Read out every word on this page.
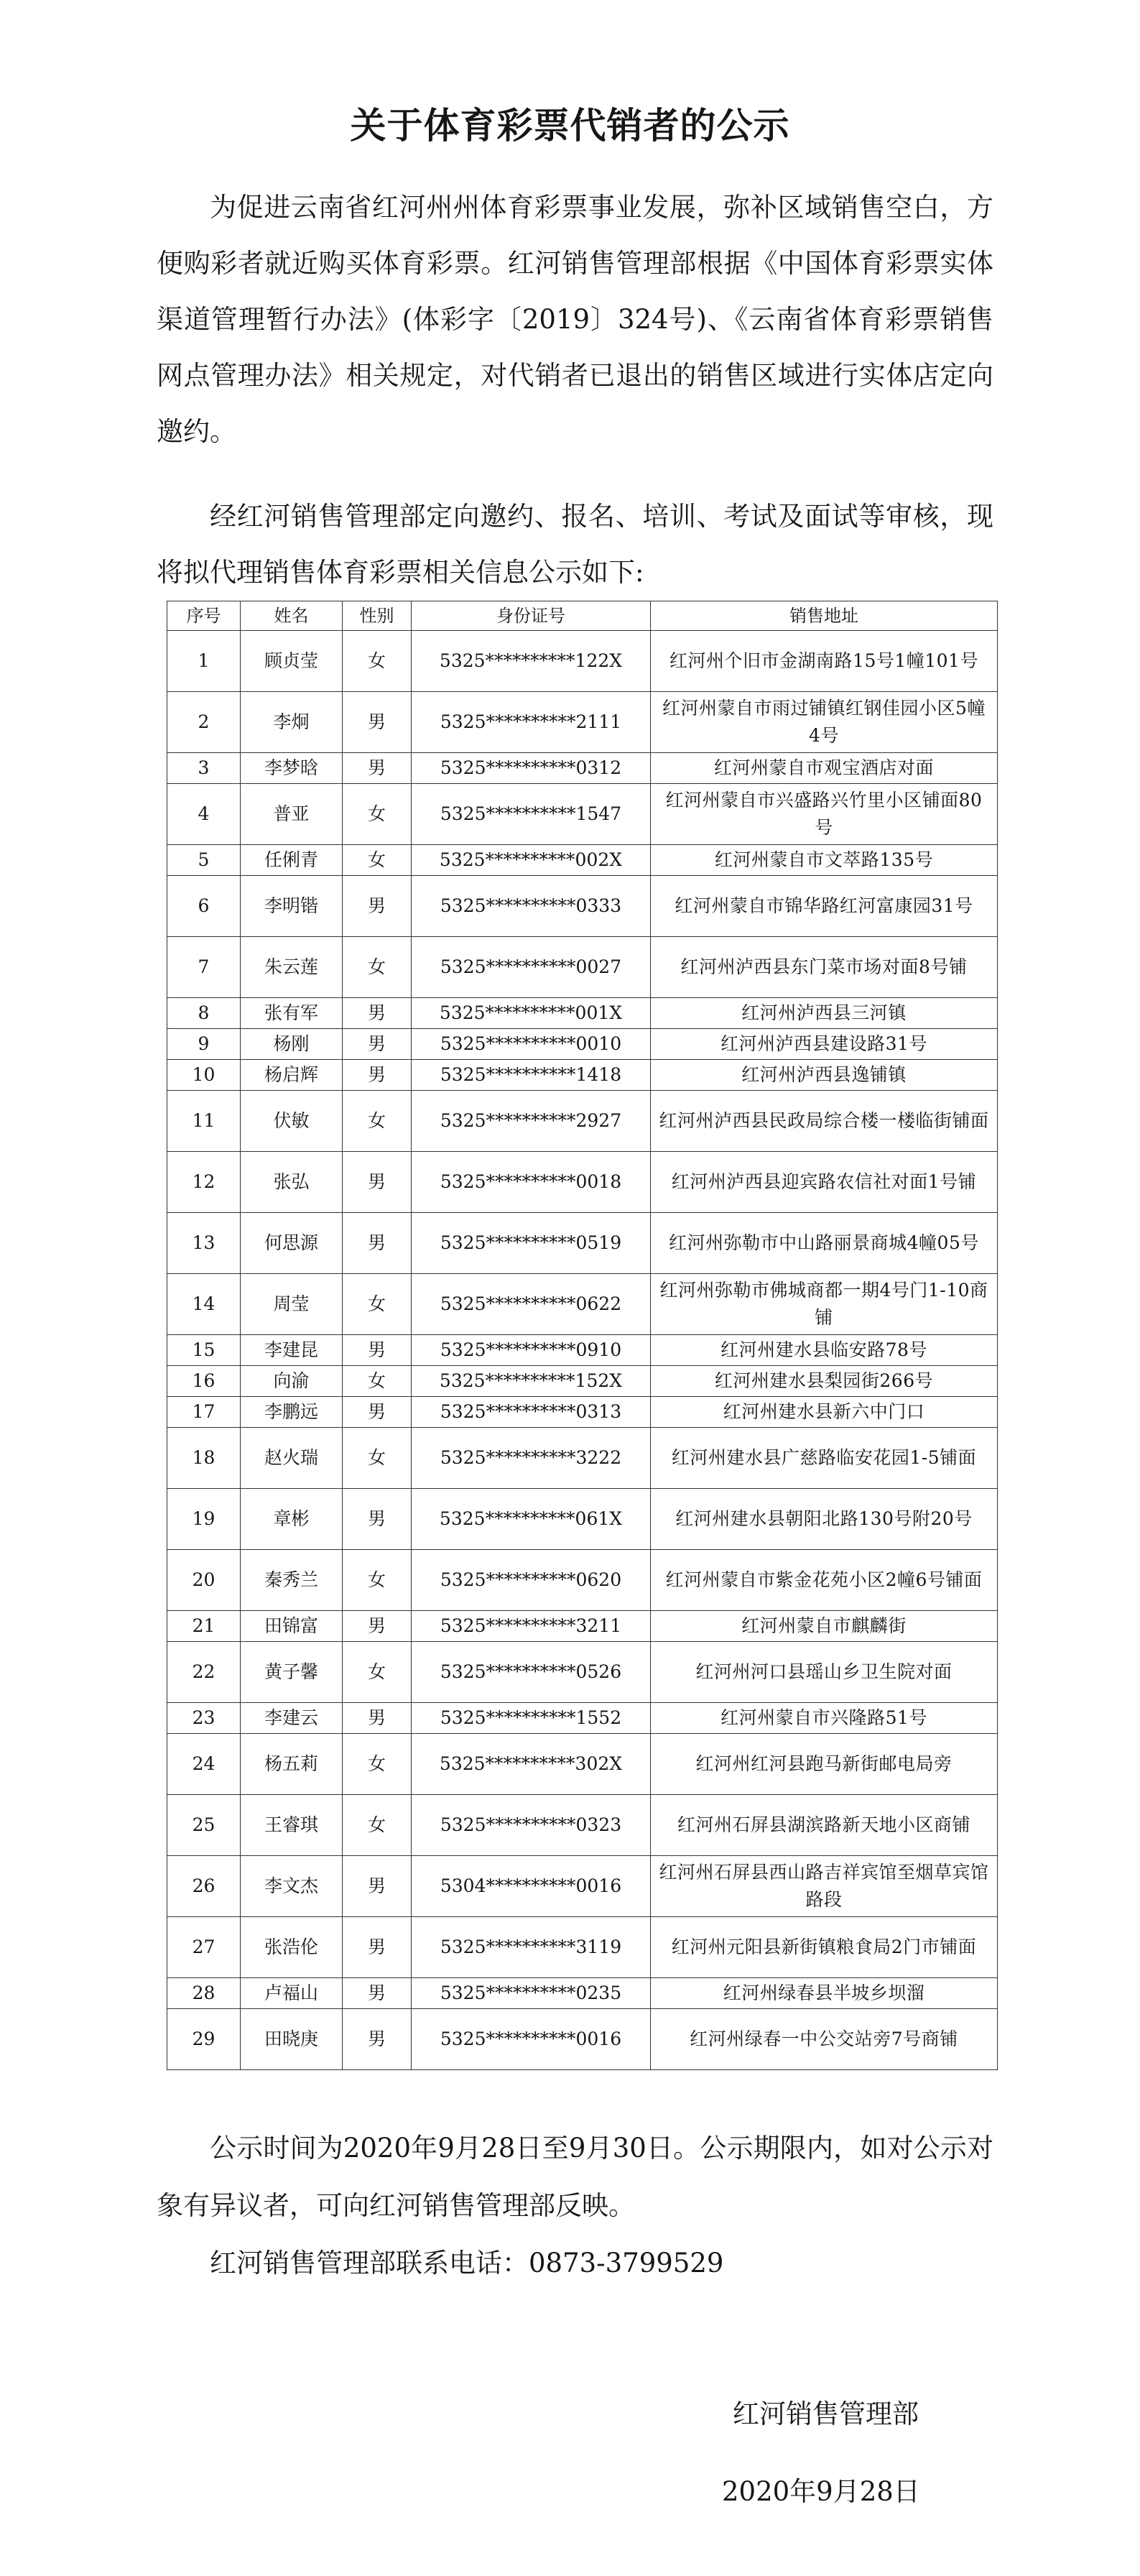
关于体育彩票代销者的公示

为促进云南省红河州州体育彩票事业发展，弥补区域销售空白，方便购彩者就近购买体育彩票。红河销售管理部根据《中国体育彩票实体渠道管理暂行办法》(体彩字〔2019〕324号)、《云南省体育彩票销售网点管理办法》相关规定，对代销者已退出的销售区域进行实体店定向邀约。

经红河销售管理部定向邀约、报名、培训、考试及面试等审核，现将拟代理销售体育彩票相关信息公示如下:

序号	姓名	性别	身份证号	销售地址
1	顾贞莹	女	5325**********122X	红河州个旧市金湖南路15号1幢101号
2	李炯	男	5325**********2111	红河州蒙自市雨过铺镇红钢佳园小区5幢4号
3	李梦晗	男	5325**********0312	红河州蒙自市观宝酒店对面
4	普亚	女	5325**********1547	红河州蒙自市兴盛路兴竹里小区铺面80号
5	任俐青	女	5325**********002X	红河州蒙自市文萃路135号
6	李明锴	男	5325**********0333	红河州蒙自市锦华路红河富康园31号
7	朱云莲	女	5325**********0027	红河州泸西县东门菜市场对面8号铺
8	张有军	男	5325**********001X	红河州泸西县三河镇
9	杨刚	男	5325**********0010	红河州泸西县建设路31号
10	杨启辉	男	5325**********1418	红河州泸西县逸铺镇
11	伏敏	女	5325**********2927	红河州泸西县民政局综合楼一楼临街铺面
12	张弘	男	5325**********0018	红河州泸西县迎宾路农信社对面1号铺
13	何思源	男	5325**********0519	红河州弥勒市中山路丽景商城4幢05号
14	周莹	女	5325**********0622	红河州弥勒市佛城商都一期4号门1-10商铺
15	李建昆	男	5325**********0910	红河州建水县临安路78号
16	向渝	女	5325**********152X	红河州建水县梨园街266号
17	李鹏远	男	5325**********0313	红河州建水县新六中门口
18	赵火瑞	女	5325**********3222	红河州建水县广慈路临安花园1-5铺面
19	章彬	男	5325**********061X	红河州建水县朝阳北路130号附20号
20	秦秀兰	女	5325**********0620	红河州蒙自市紫金花苑小区2幢6号铺面
21	田锦富	男	5325**********3211	红河州蒙自市麒麟街
22	黄子馨	女	5325**********0526	红河州河口县瑶山乡卫生院对面
23	李建云	男	5325**********1552	红河州蒙自市兴隆路51号
24	杨五莉	女	5325**********302X	红河州红河县跑马新街邮电局旁
25	王睿琪	女	5325**********0323	红河州石屏县湖滨路新天地小区商铺
26	李文杰	男	5304**********0016	红河州石屏县西山路吉祥宾馆至烟草宾馆路段
27	张浩伦	男	5325**********3119	红河州元阳县新街镇粮食局2门市铺面
28	卢福山	男	5325**********0235	红河州绿春县半坡乡坝溜
29	田晓庚	男	5325**********0016	红河州绿春一中公交站旁7号商铺

公示时间为2020年9月28日至9月30日。公示期限内，如对公示对象有异议者，可向红河销售管理部反映。

红河销售管理部联系电话：0873-3799529

红河销售管理部
2020年9月28日
